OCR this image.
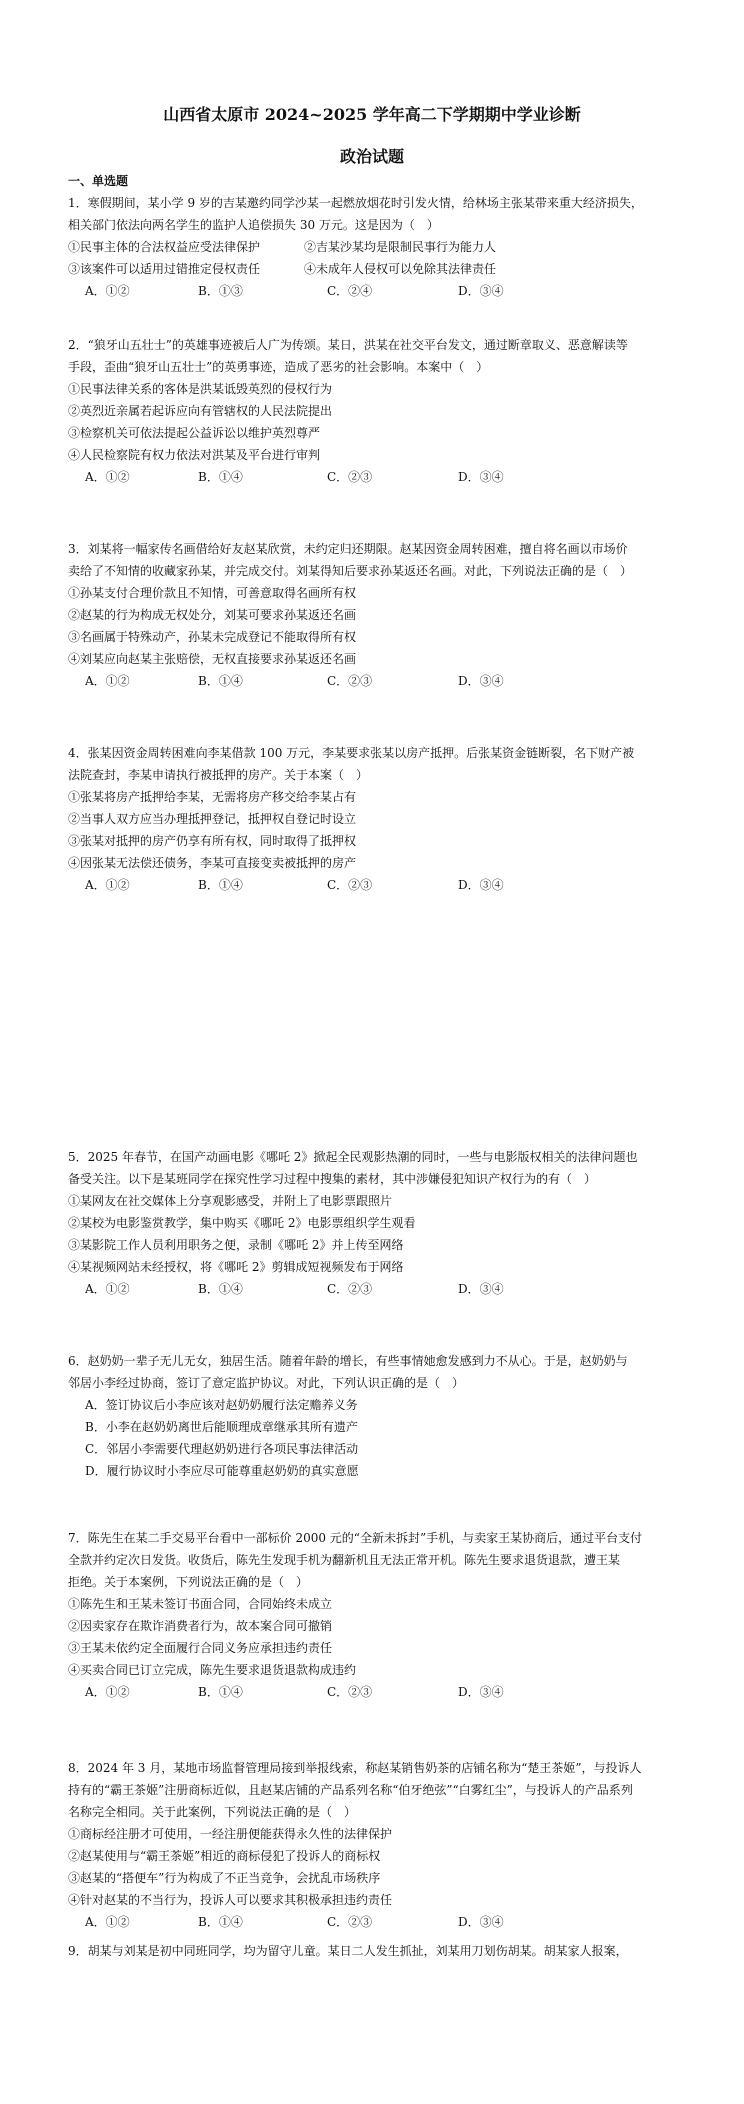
山西省太原市 2024~2025 学年高二下学期期中学业诊断
政治试题
一、单选题
1．寒假期间，某小学 9 岁的吉某邀约同学沙某一起燃放烟花时引发火情，给林场主张某带来重大经济损失，
相关部门依法向两名学生的监护人追偿损失 30 万元。这是因为（　）
①民事主体的合法权益应受法律保护	②吉某沙某均是限制民事行为能力人
③该案件可以适用过错推定侵权责任	④未成年人侵权可以免除其法律责任
A．①②	B．①③	C．②④	D．③④
2．“狼牙山五壮士”的英雄事迹被后人广为传颂。某日，洪某在社交平台发文，通过断章取义、恶意解读等
手段，歪曲“狼牙山五壮士”的英勇事迹，造成了恶劣的社会影响。本案中（　）
①民事法律关系的客体是洪某诋毁英烈的侵权行为
②英烈近亲属若起诉应向有管辖权的人民法院提出
③检察机关可依法提起公益诉讼以维护英烈尊严
④人民检察院有权力依法对洪某及平台进行审判
A．①②	B．①④	C．②③	D．③④
3．刘某将一幅家传名画借给好友赵某欣赏，未约定归还期限。赵某因资金周转困难，擅自将名画以市场价
卖给了不知情的收藏家孙某，并完成交付。刘某得知后要求孙某返还名画。对此，下列说法正确的是（　）
①孙某支付合理价款且不知情，可善意取得名画所有权
②赵某的行为构成无权处分，刘某可要求孙某返还名画
③名画属于特殊动产，孙某未完成登记不能取得所有权
④刘某应向赵某主张赔偿，无权直接要求孙某返还名画
A．①②	B．①④	C．②③	D．③④
4．张某因资金周转困难向李某借款 100 万元，李某要求张某以房产抵押。后张某资金链断裂，名下财产被
法院查封，李某申请执行被抵押的房产。关于本案（　）
①张某将房产抵押给李某，无需将房产移交给李某占有
②当事人双方应当办理抵押登记，抵押权自登记时设立
③张某对抵押的房产仍享有所有权，同时取得了抵押权
④因张某无法偿还债务，李某可直接变卖被抵押的房产
A．①②	B．①④	C．②③	D．③④
5．2025 年春节，在国产动画电影《哪吒 2》掀起全民观影热潮的同时，一些与电影版权相关的法律问题也
备受关注。以下是某班同学在探究性学习过程中搜集的素材，其中涉嫌侵犯知识产权行为的有（　）
①某网友在社交媒体上分享观影感受，并附上了电影票跟照片
②某校为电影鉴赏教学，集中购买《哪吒 2》电影票组织学生观看
③某影院工作人员利用职务之便，录制《哪吒 2》并上传至网络
④某视频网站未经授权，将《哪吒 2》剪辑成短视频发布于网络
A．①②	B．①④	C．②③	D．③④
6．赵奶奶一辈子无儿无女，独居生活。随着年龄的增长，有些事情她愈发感到力不从心。于是，赵奶奶与
邻居小李经过协商，签订了意定监护协议。对此，下列认识正确的是（　）
A．签订协议后小李应该对赵奶奶履行法定赡养义务
B．小李在赵奶奶离世后能顺理成章继承其所有遗产
C．邻居小李需要代理赵奶奶进行各项民事法律活动
D．履行协议时小李应尽可能尊重赵奶奶的真实意愿
7．陈先生在某二手交易平台看中一部标价 2000 元的“全新未拆封”手机，与卖家王某协商后，通过平台支付
全款并约定次日发货。收货后，陈先生发现手机为翻新机且无法正常开机。陈先生要求退货退款，遭王某
拒绝。关于本案例，下列说法正确的是（　）
①陈先生和王某未签订书面合同，合同始终未成立
②因卖家存在欺诈消费者行为，故本案合同可撤销
③王某未依约定全面履行合同义务应承担违约责任
④买卖合同已订立完成，陈先生要求退货退款构成违约
A．①②	B．①④	C．②③	D．③④
8．2024 年 3 月，某地市场监督管理局接到举报线索，称赵某销售奶茶的店铺名称为“楚王茶姬”，与投诉人
持有的“霸王茶姬”注册商标近似，且赵某店铺的产品系列名称“伯牙绝弦”“白雾红尘”，与投诉人的产品系列
名称完全相同。关于此案例，下列说法正确的是（　）
①商标经注册才可使用，一经注册便能获得永久性的法律保护
②赵某使用与“霸王茶姬”相近的商标侵犯了投诉人的商标权
③赵某的“搭便车”行为构成了不正当竞争，会扰乱市场秩序
④针对赵某的不当行为，投诉人可以要求其积极承担违约责任
A．①②	B．①④	C．②③	D．③④
9．胡某与刘某是初中同班同学，均为留守儿童。某日二人发生抓扯，刘某用刀划伤胡某。胡某家人报案，
